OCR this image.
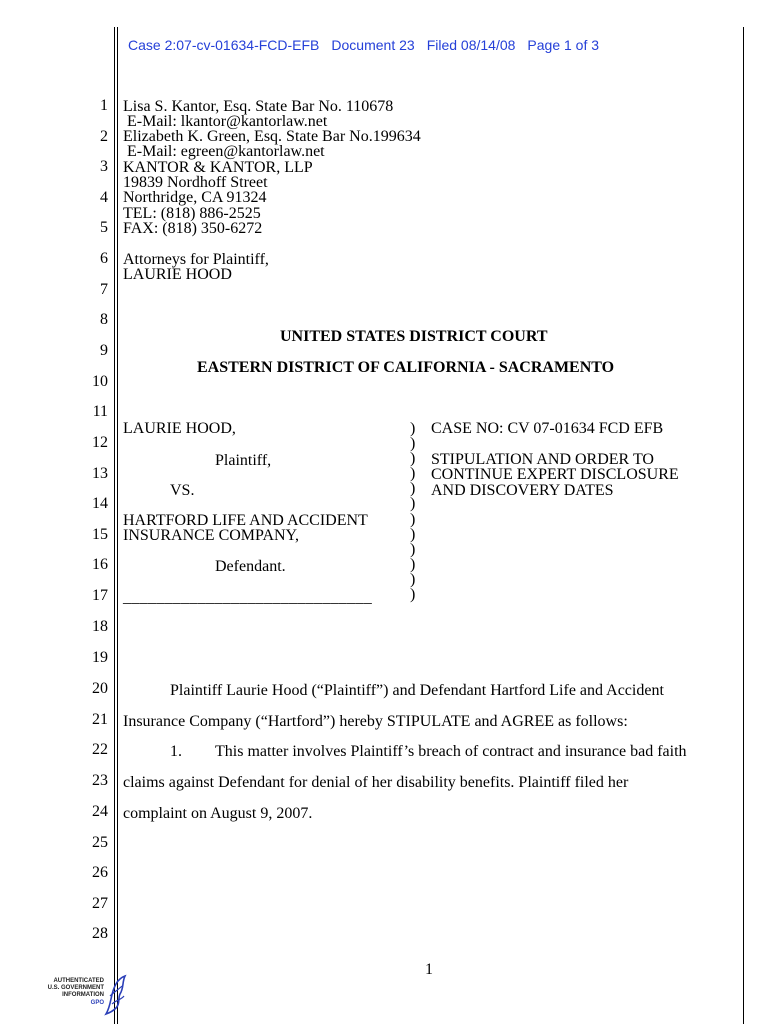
Case 2:07-cv-01634-FCD-EFB Document 23 Filed 08/14/08 Page 1 of 3
1
2
3
4
5
6
7
8
9
10
11
12
13
14
15
16
17
18
19
20
21
22
23
24
25
26
27
28
Lisa S. Kantor, Esq. State Bar No. 110678
E-Mail: lkantor@kantorlaw.net
Elizabeth K. Green, Esq. State Bar No.199634
E-Mail: egreen@kantorlaw.net
KANTOR & KANTOR, LLP
19839 Nordhoff Street
Northridge, CA 91324
TEL: (818) 886-2525
FAX: (818) 350-6272
Attorneys for Plaintiff,
LAURIE HOOD
UNITED STATES DISTRICT COURT
EASTERN DISTRICT OF CALIFORNIA - SACRAMENTO
LAURIE HOOD,
Plaintiff,
VS.
HARTFORD LIFE AND ACCIDENT
INSURANCE COMPANY,
Defendant.
______________________________
)
)
)
)
)
)
)
)
)
)
)
)
CASE NO: CV 07-01634 FCD EFB
STIPULATION AND ORDER TO
CONTINUE EXPERT DISCLOSURE
AND DISCOVERY DATES
Plaintiff Laurie Hood (“Plaintiff”) and Defendant Hartford Life and Accident
Insurance Company (“Hartford”) hereby STIPULATE and AGREE as follows:
1. This matter involves Plaintiff’s breach of contract and insurance bad faith
claims against Defendant for denial of her disability benefits. Plaintiff filed her
complaint on August 9, 2007.
1
AUTHENTICATED
U.S. GOVERNMENT
INFORMATION
GPO
